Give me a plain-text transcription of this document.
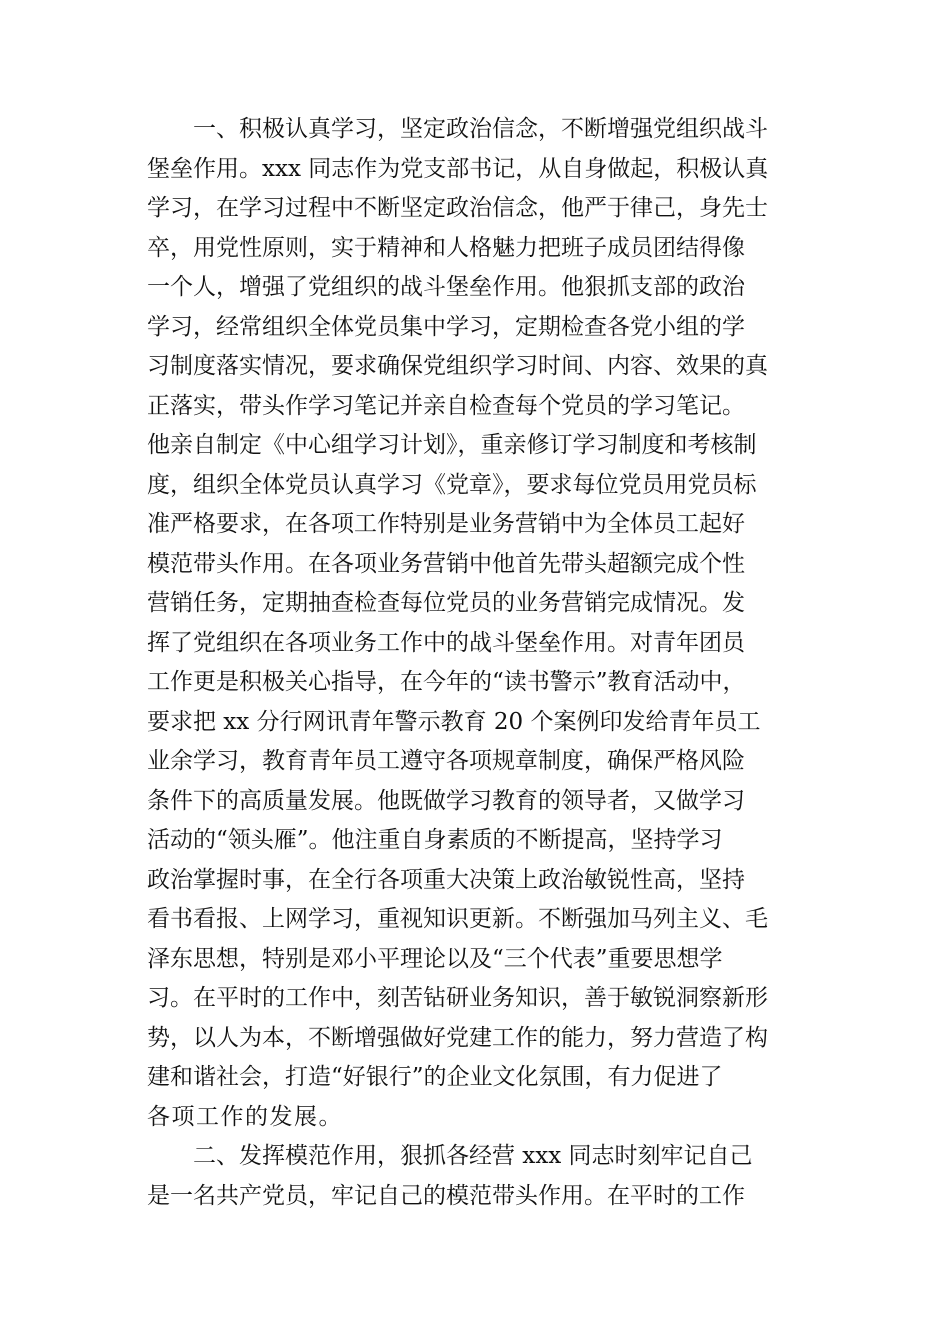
一、积极认真学习，坚定政治信念，不断增强党组织战斗
堡垒作用。xxx 同志作为党支部书记，从自身做起，积极认真
学习，在学习过程中不断坚定政治信念，他严于律己，身先士
卒，用党性原则，实于精神和人格魅力把班子成员团结得像
一个人，增强了党组织的战斗堡垒作用。他狠抓支部的政治
学习，经常组织全体党员集中学习，定期检查各党小组的学
习制度落实情况，要求确保党组织学习时间、内容、效果的真
正落实，带头作学习笔记并亲自检查每个党员的学习笔记。
他亲自制定《中心组学习计划》，重亲修订学习制度和考核制
度，组织全体党员认真学习《党章》，要求每位党员用党员标
准严格要求，在各项工作特别是业务营销中为全体员工起好
模范带头作用。在各项业务营销中他首先带头超额完成个性
营销任务，定期抽查检查每位党员的业务营销完成情况。发
挥了党组织在各项业务工作中的战斗堡垒作用。对青年团员
工作更是积极关心指导，在今年的“读书警示”教育活动中，
要求把 xx 分行网讯青年警示教育 20 个案例印发给青年员工
业余学习，教育青年员工遵守各项规章制度，确保严格风险
条件下的高质量发展。他既做学习教育的领导者，又做学习
活动的“领头雁”。他注重自身素质的不断提高，坚持学习
政治掌握时事，在全行各项重大决策上政治敏锐性高，坚持
看书看报、上网学习，重视知识更新。不断强加马列主义、毛
泽东思想，特别是邓小平理论以及“三个代表”重要思想学
习。在平时的工作中，刻苦钻研业务知识，善于敏锐洞察新形
势，以人为本，不断增强做好党建工作的能力，努力营造了构
建和谐社会，打造“好银行”的企业文化氛围，有力促进了
各项工作的发展。
二、发挥模范作用，狠抓各经营 xxx 同志时刻牢记自己
是一名共产党员，牢记自己的模范带头作用。在平时的工作
